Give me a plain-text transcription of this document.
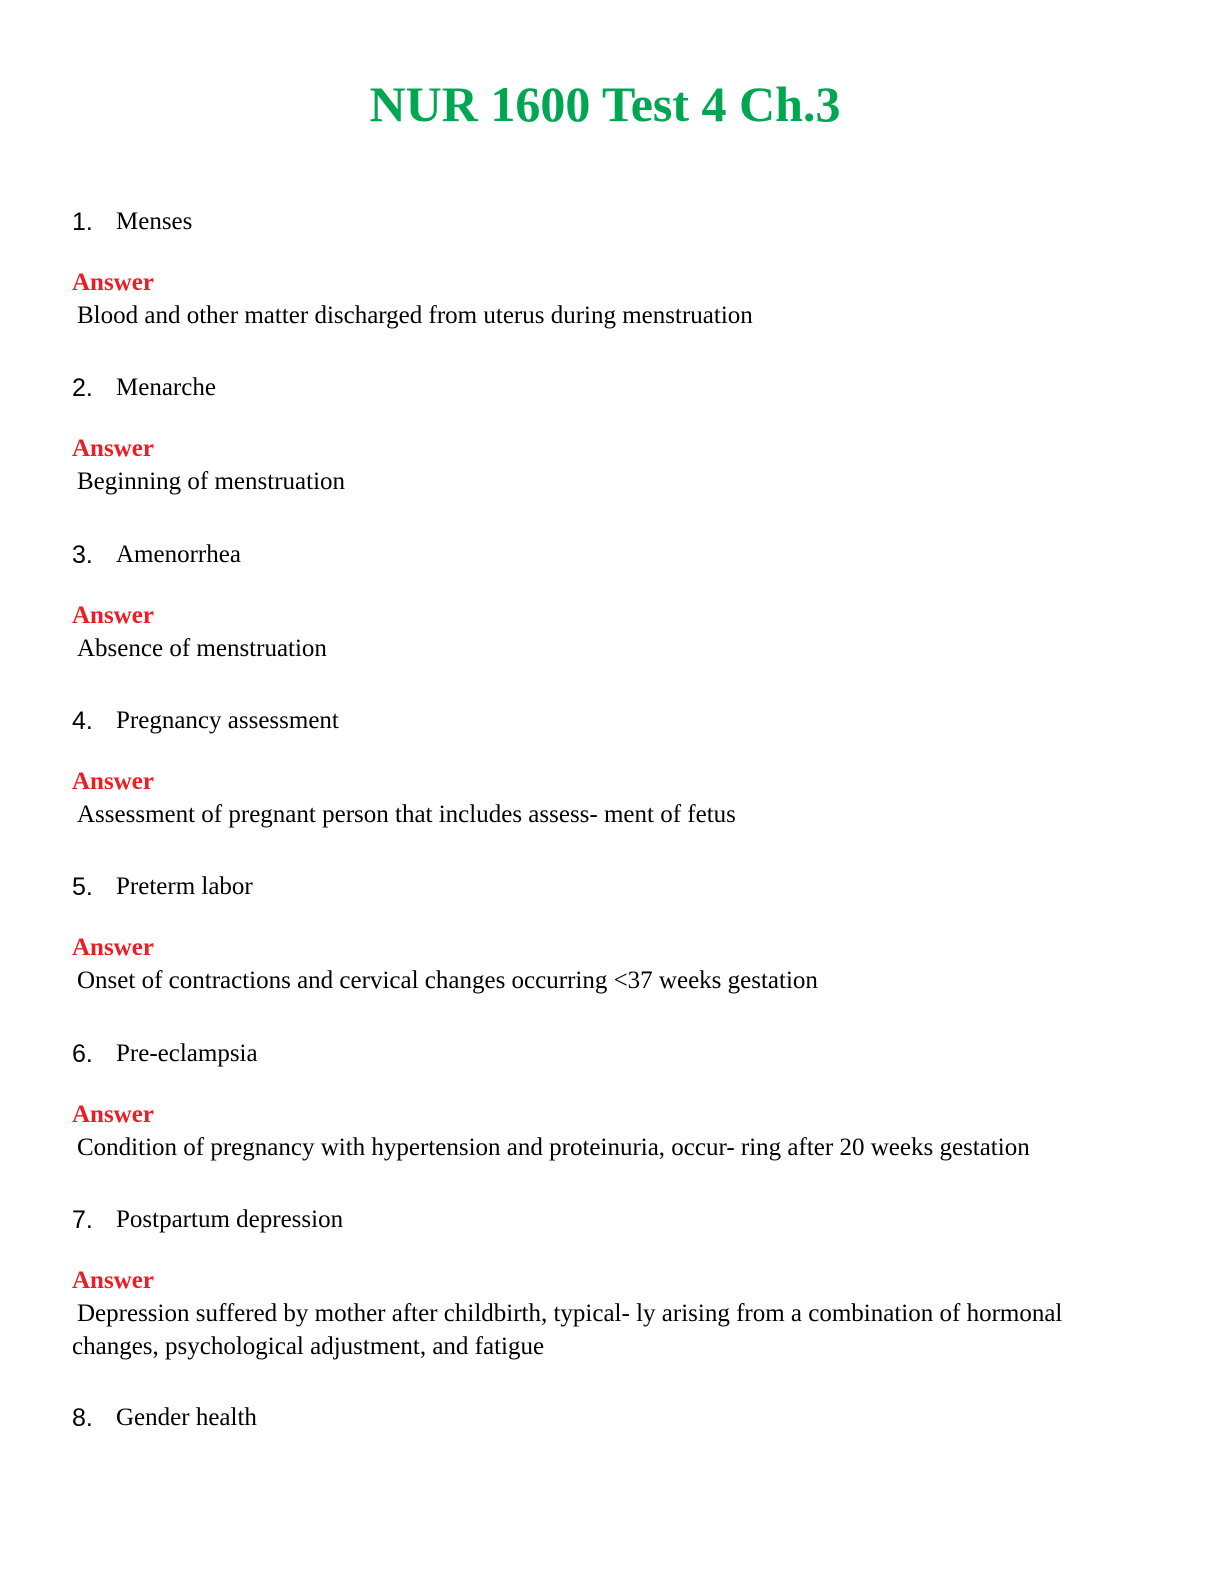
NUR 1600 Test 4 Ch.3
1. Menses
Answer
Blood and other matter discharged from uterus during menstruation
2. Menarche
Answer
Beginning of menstruation
3. Amenorrhea
Answer
Absence of menstruation
4. Pregnancy assessment
Answer
Assessment of pregnant person that includes assess- ment of fetus
5. Preterm labor
Answer
Onset of contractions and cervical changes occurring <37 weeks gestation
6. Pre-eclampsia
Answer
Condition of pregnancy with hypertension and proteinuria, occur- ring after 20 weeks gestation
7. Postpartum depression
Answer
Depression suffered by mother after childbirth, typical- ly arising from a combination of hormonal changes, psychological adjustment, and fatigue
8. Gender health
